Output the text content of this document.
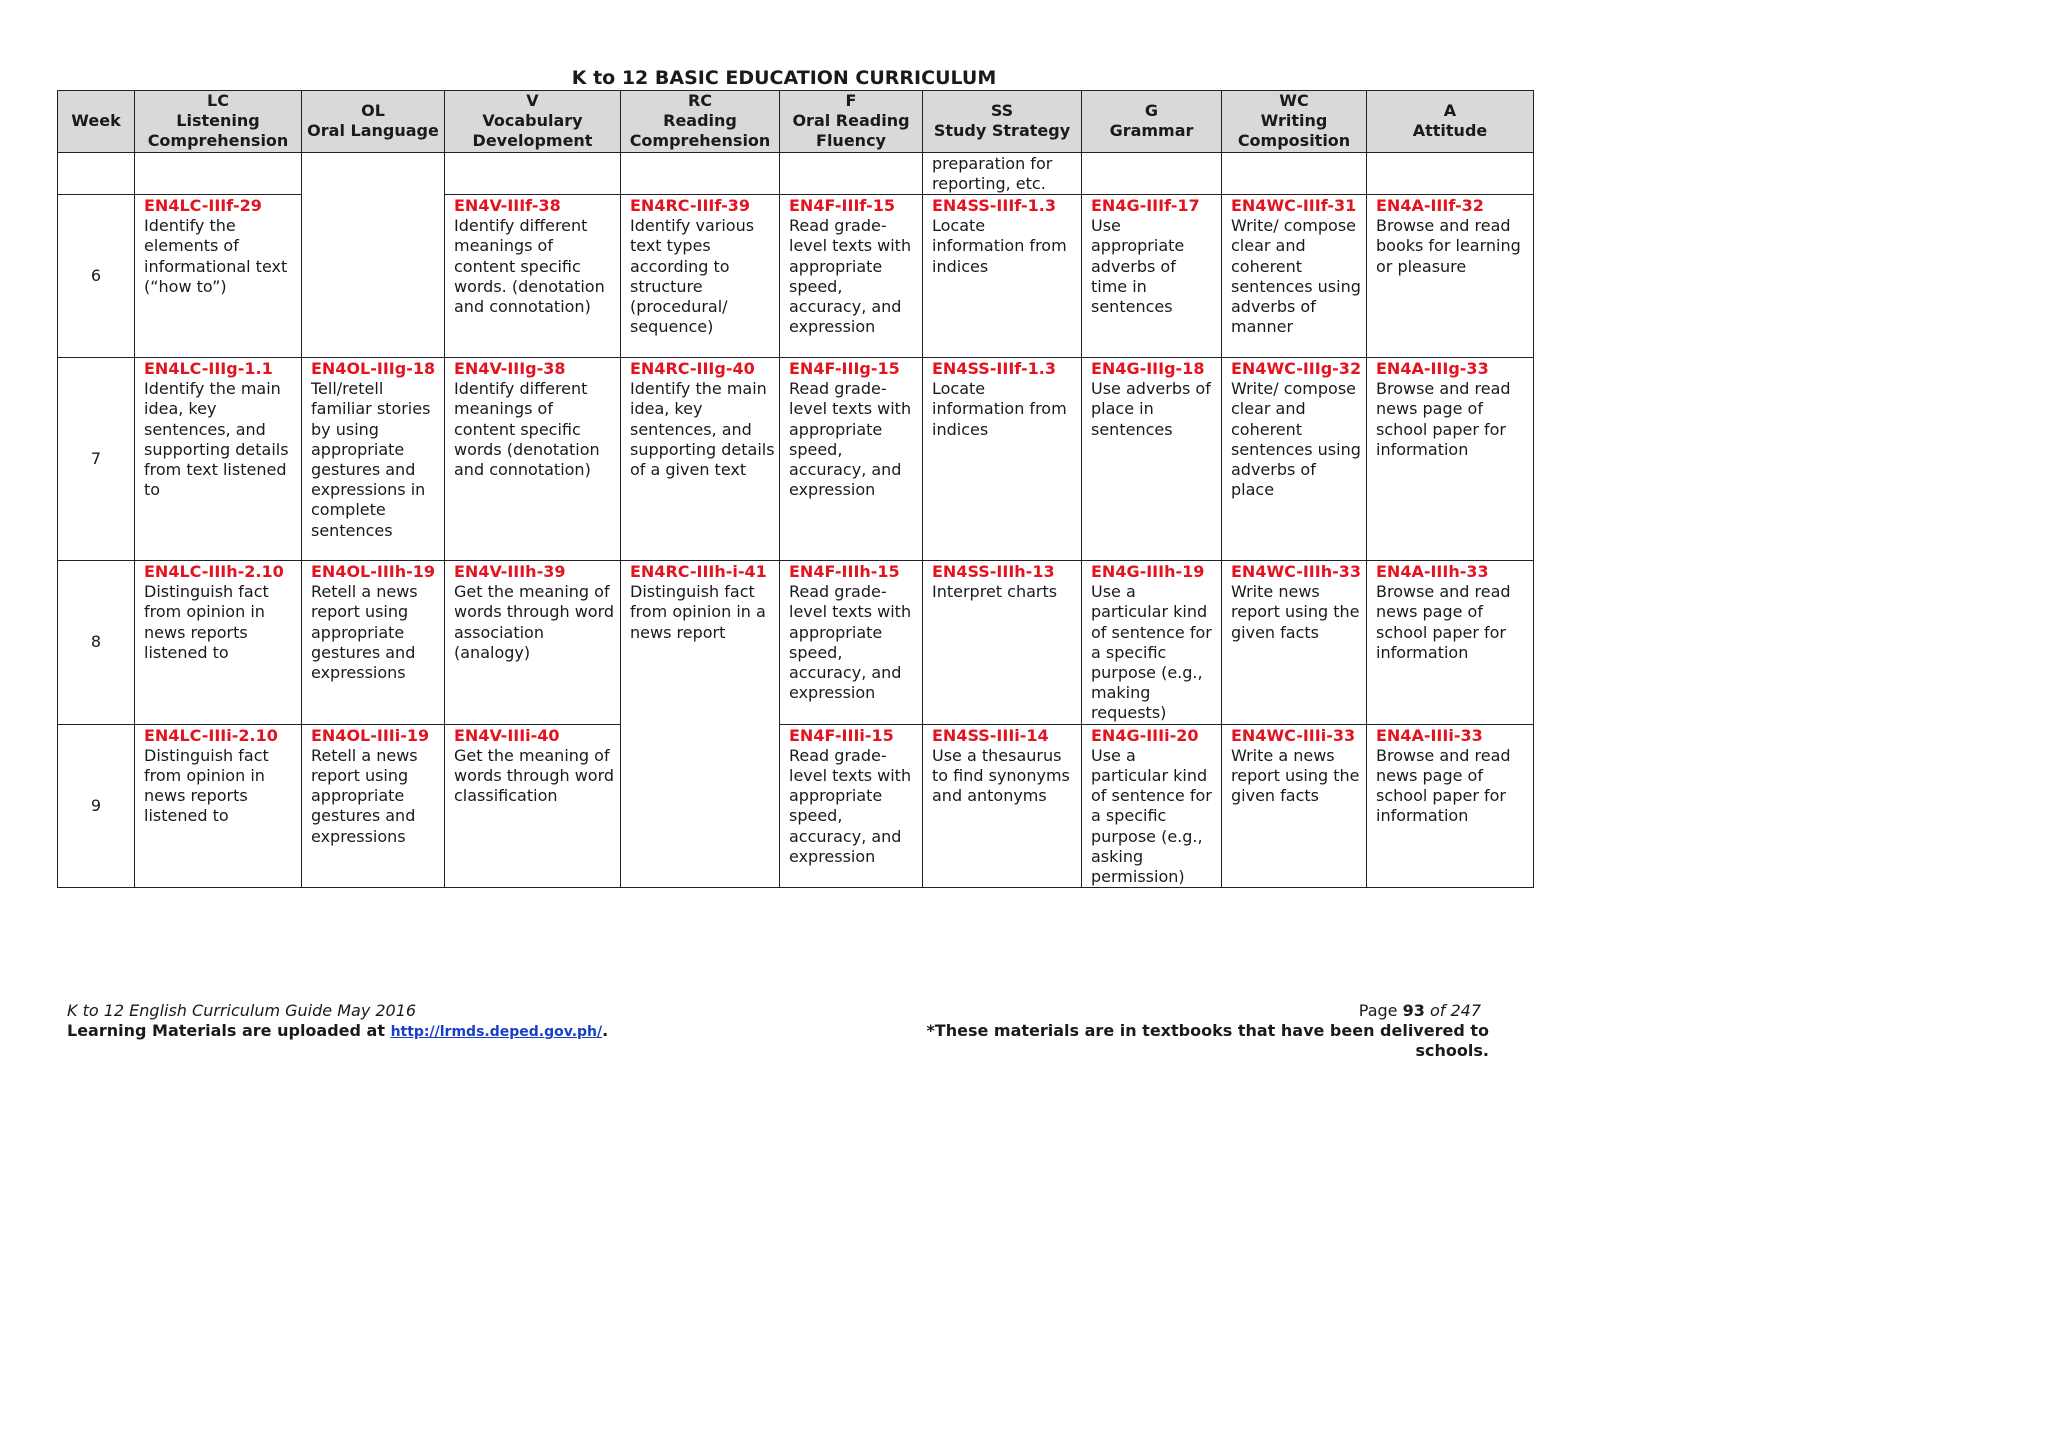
K to 12 BASIC EDUCATION CURRICULUM
Week	LC
Listening
Comprehension	OL
Oral Language	V
Vocabulary
Development	RC
Reading
Comprehension	F
Oral Reading
Fluency	SS
Study Strategy	G
Grammar	WC
Writing
Composition	A
Attitude

						preparation for reporting, etc.			

6	EN4LC-IIIf-29
Identify the elements of informational text (“how to”)		EN4V-IIIf-38
Identify different meanings of content specific words. (denotation and connotation)	EN4RC-IIIf-39
Identify various text types according to structure (procedural/ sequence)	EN4F-IIIf-15
Read grade-level texts with appropriate speed, accuracy, and expression	EN4SS-IIIf-1.3
Locate information from indices	EN4G-IIIf-17
Use appropriate adverbs of time in sentences	EN4WC-IIIf-31
Write/ compose clear and coherent sentences using adverbs of manner	EN4A-IIIf-32
Browse and read books for learning or pleasure

7	EN4LC-IIIg-1.1
Identify the main idea, key sentences, and supporting details from text listened to	EN4OL-IIIg-18
Tell/retell familiar stories by using appropriate gestures and expressions in complete sentences	EN4V-IIIg-38
Identify different meanings of content specific words (denotation and connotation)	EN4RC-IIIg-40
Identify the main idea, key sentences, and supporting details of a given text	EN4F-IIIg-15
Read grade-level texts with appropriate speed, accuracy, and expression	EN4SS-IIIf-1.3
Locate information from indices	EN4G-IIIg-18
Use adverbs of place in sentences	EN4WC-IIIg-32
Write/ compose clear and coherent sentences using adverbs of place	EN4A-IIIg-33
Browse and read news page of school paper for information

8	EN4LC-IIIh-2.10
Distinguish fact from opinion in news reports listened to	EN4OL-IIIh-19
Retell a news report using appropriate gestures and expressions	EN4V-IIIh-39
Get the meaning of words through word association (analogy)	EN4RC-IIIh-i-41
Distinguish fact from opinion in a news report	EN4F-IIIh-15
Read grade-level texts with appropriate speed, accuracy, and expression	EN4SS-IIIh-13
Interpret charts	EN4G-IIIh-19
Use a particular kind of sentence for a specific purpose (e.g., making requests)	EN4WC-IIIh-33
Write news report using the given facts	EN4A-IIIh-33
Browse and read news page of school paper for information

9	EN4LC-IIIi-2.10
Distinguish fact from opinion in news reports listened to	EN4OL-IIIi-19
Retell a news report using appropriate gestures and expressions	EN4V-IIIi-40
Get the meaning of words through word classification		EN4F-IIIi-15
Read grade-level texts with appropriate speed, accuracy, and expression	EN4SS-IIIi-14
Use a thesaurus to find synonyms and antonyms	EN4G-IIIi-20
Use a particular kind of sentence for a specific purpose (e.g., asking permission)	EN4WC-IIIi-33
Write a news report using the given facts	EN4A-IIIi-33
Browse and read news page of school paper for information
K to 12 English Curriculum Guide May 2016
Learning Materials are uploaded at http://lrmds.deped.gov.ph/.
Page 93 of 247
*These materials are in textbooks that have been delivered to schools.
